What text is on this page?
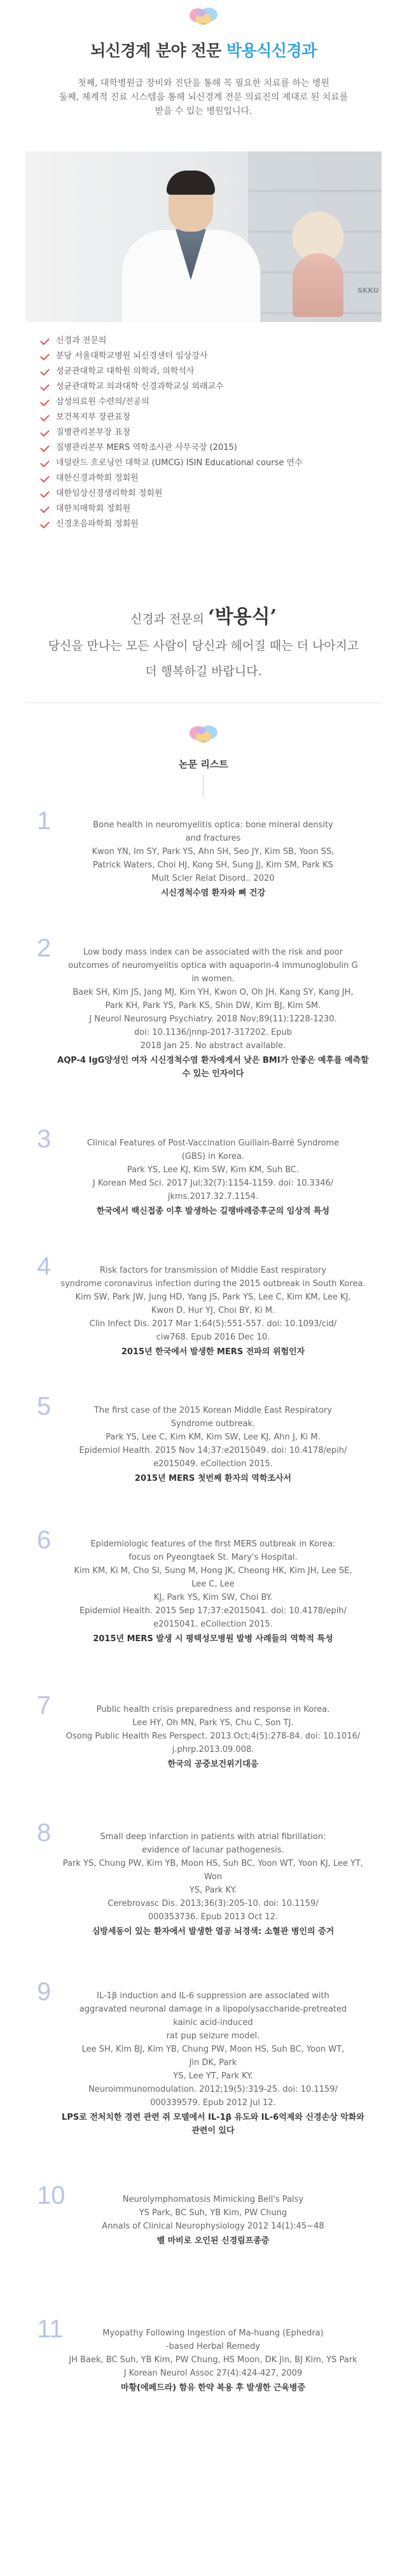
뇌신경계 분야 전문 박용식신경과
첫째, 대학병원급 장비와 진단을 통해 꼭 필요한 치료를 하는 병원
둘째, 체계적 진료 시스템을 통해 뇌신경계 전문 의료진의 제대로 된 치료를
받을 수 있는 병원입니다.
SKKU
신경과 전문의
분당 서울대학교병원 뇌신경센터 임상강사
성균관대학교 대학원 의학과, 의학석사
성균관대학교 의과대학 신경과학교실 외래교수
삼성의료원 수련의/전공의
보건복지부 장관표창
질병관리본부장 표창
질병관리본부 MERS 역학조사관 사무국장 (2015)
네덜란드 흐로닝언 대학교 (UMCG) ISIN Educational course 연수
대한신경과학회 정회원
대한임상신경생리학회 정회원
대한치매학회 정회원
신경초음파학회 정회원
신경과 전문의 ‘박용식’
당신을 만나는 모든 사람이 당신과 헤어질 때는 더 나아지고
더 행복하길 바랍니다.
논문 리스트
1	Bone health in neuromyelitis optica: bone mineral density
and fractures
Kwon YN, Im SY, Park YS, Ahn SH, Seo JY, Kim SB, Yoon SS,
Patrick Waters, Choi HJ, Kong SH, Sung JJ, Kim SM, Park KS
Mult Scler Relat Disord.. 2020
시신경척수염 환자와 뼈 건강
2	Low body mass index can be associated with the risk and poor
outcomes of neuromyelitis optica with aquaporin-4 immunoglobulin G
in women.
Baek SH, Kim JS, Jang MJ, Kim YH, Kwon O, Oh JH, Kang SY, Kang JH,
Park KH, Park YS, Park KS, Shin DW, Kim BJ, Kim SM.
J Neurol Neurosurg Psychiatry. 2018 Nov;89(11):1228-1230.
doi: 10.1136/jnnp-2017-317202. Epub
2018 Jan 25. No abstract available.
AQP-4 IgG양성인 여자 시신경척수염 환자에게서 낮은 BMI가 안좋은 예후를 예측할 수 있는 인자이다
3	Clinical Features of Post-Vaccination Guillain-Barré Syndrome
(GBS) in Korea.
Park YS, Lee KJ, Kim SW, Kim KM, Suh BC.
J Korean Med Sci. 2017 Jul;32(7):1154-1159. doi: 10.3346/
jkms.2017.32.7.1154.
한국에서 백신접종 이후 발생하는 길랭바레증후군의 임상적 특성
4	Risk factors for transmission of Middle East respiratory
syndrome coronavirus infection during the 2015 outbreak in South Korea.
Kim SW, Park JW, Jung HD, Yang JS, Park YS, Lee C, Kim KM, Lee KJ,
Kwon D, Hur YJ, Choi BY, Ki M.
Clin Infect Dis. 2017 Mar 1;64(5):551-557. doi: 10.1093/cid/
ciw768. Epub 2016 Dec 10.
2015년 한국에서 발생한 MERS 전파의 위험인자
5	The first case of the 2015 Korean Middle East Respiratory
Syndrome outbreak.
Park YS, Lee C, Kim KM, Kim SW, Lee KJ, Ahn J, Ki M.
Epidemiol Health. 2015 Nov 14;37:e2015049. doi: 10.4178/epih/
e2015049. eCollection 2015.
2015년 MERS 첫번째 환자의 역학조사서
6	Epidemiologic features of the first MERS outbreak in Korea:
focus on Pyeongtaek St. Mary's Hospital.
Kim KM, Ki M, Cho SI, Sung M, Hong JK, Cheong HK, Kim JH, Lee SE,
Lee C, Lee
KJ, Park YS, Kim SW, Choi BY.
Epidemiol Health. 2015 Sep 17;37:e2015041. doi: 10.4178/epih/
e2015041. eCollection 2015.
2015년 MERS 발생 시 평택성모병원 발병 사례들의 역학적 특성
7	Public health crisis preparedness and response in Korea.
Lee HY, Oh MN, Park YS, Chu C, Son TJ.
Osong Public Health Res Perspect. 2013 Oct;4(5):278-84. doi: 10.1016/
j.phrp.2013.09.008.
한국의 공중보건위기대응
8	Small deep infarction in patients with atrial fibrillation:
evidence of lacunar pathogenesis.
Park YS, Chung PW, Kim YB, Moon HS, Suh BC, Yoon WT, Yoon KJ, Lee YT,
Won
YS, Park KY.
Cerebrovasc Dis. 2013;36(3):205-10. doi: 10.1159/
000353736. Epub 2013 Oct 12.
심방세동이 있는 환자에서 발생한 열공 뇌경색: 소혈관 병인의 증거
9	IL-1β induction and IL-6 suppression are associated with
aggravated neuronal damage in a lipopolysaccharide-pretreated
kainic acid-induced
rat pup seizure model.
Lee SH, Kim BJ, Kim YB, Chung PW, Moon HS, Suh BC, Yoon WT,
Jin DK, Park
YS, Lee YT, Park KY.
Neuroimmunomodulation. 2012;19(5):319-25. doi: 10.1159/
000339579. Epub 2012 Jul 12.
LPS로 전처치한 경련 관련 쥐 모델에서 IL-1β 유도와 IL-6억제와 신경손상 악화와 관련이 있다
10	Neurolymphomatosis Mimicking Bell's Palsy
YS Park, BC Suh, YB Kim, PW Chung
Annals of Clinical Neurophysiology 2012 14(1):45~48
벨 마비로 오인된 신경림프종증
11	Myopathy Following Ingestion of Ma-huang (Ephedra)
-based Herbal Remedy
JH Baek, BC Suh, YB Kim, PW Chung, HS Moon, DK Jin, BJ Kim, YS Park
J Korean Neurol Assoc 27(4):424-427, 2009
마황(에페드라) 함유 한약 복용 후 발생한 근육병증
